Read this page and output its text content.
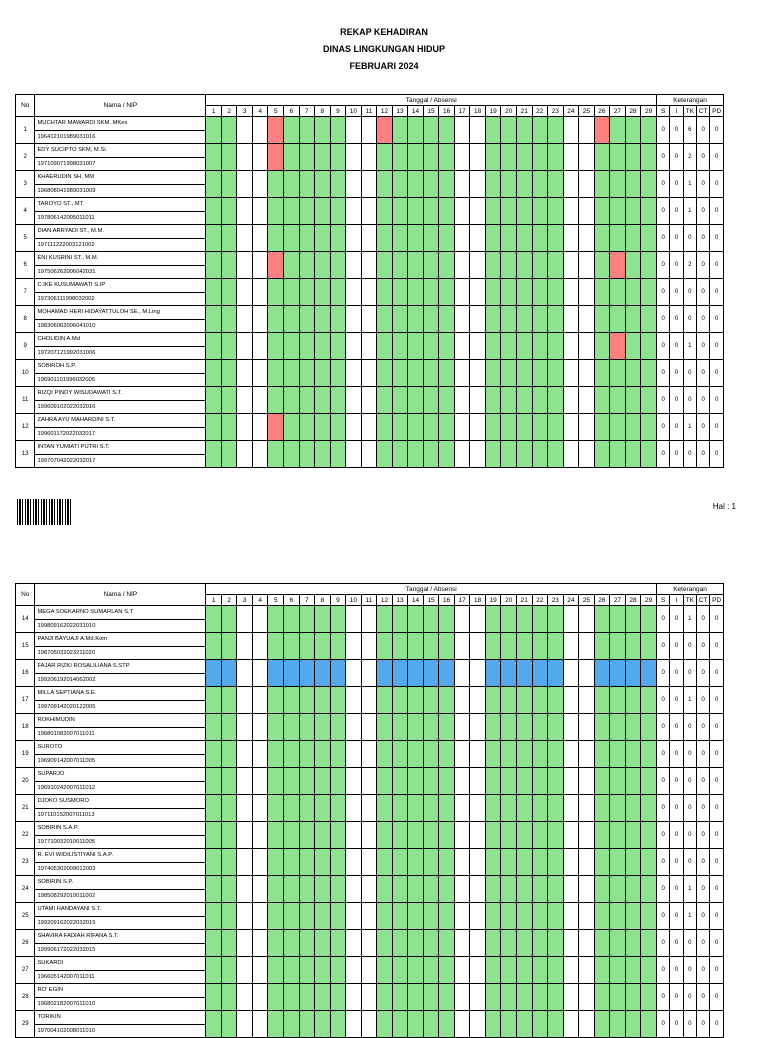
REKAP KEHADIRAN
DINAS LINGKUNGAN HIDUP
FEBRUARI 2024
No	Nama / NIP	Tanggal / Absensi																													Keterangan				
		1	2	3	4	5	6	7	8	9	10	11	12	13	14	15	16	17	18	19	20	21	22	23	24	25	26	27	28	29	S	I	TK	CT	PD
1	MUCHTAR MAWARDI SKM. MKes																														0	0	6	0	0
	196412101989031016																																		
2	EDY SUCIPTO SKM, M.Si.																														0	0	2	0	0
	197109071998031007																																		
3	KHAERUDIN SH, MM																														0	0	1	0	0
	196808041989031009																																		
4	TAROYO ST., MT																														0	0	1	0	0
	197806142005011011																																		
5	DIAN ARRYADI ST., M.M.																														0	0	0	0	0
	197111222003121002																																		
6	ENI KUSRINI ST., M.M.																														0	0	2	0	0
	197506262006042031																																		
7	C.IKE KUSUMAWATI S.IP																														0	0	0	0	0
	197306111998032002																																		
8	MOHAMAD HERI HIDAYATTULOH SE., M.Ling																														0	0	0	0	0
	198306062006041010																																		
9	CHOLIDIN A.Md																														0	0	1	0	0
	197207121992031006																																		
10	SOBIROH S.P.																														0	0	0	0	0
	196901101996032005																																		
11	RIZQI PINDY WISUDAWATI S.T.																														0	0	0	0	0
	199609102022032016																																		
12	ZAHRA AYU MAHARDINI S.T.																														0	0	1	0	0
	199601172022032017																																		
13	INTAN YUMIATI PUTRI S.T.																														0	0	0	0	0
	199707042022032017																																		
Hal : 1
No	Nama / NIP	Tanggal / Absensi																													Keterangan				
		1	2	3	4	5	6	7	8	9	10	11	12	13	14	15	16	17	18	19	20	21	22	23	24	25	26	27	28	29	S	I	TK	CT	PD
14	MEGA SOEKARNO SUMARLAN S.T																														0	0	1	0	0
	199809162022031010																																		
15	PANJI BAYUAJI A.Md.Kom																														0	0	0	0	0
	198705032023211020																																		
16	FAJAR RIZKI ROSALILIANA S.STP																														0	0	0	0	0
	199206192014062002																																		
17	MILLA SEPTIANA S.E.																														0	0	1	0	0
	199709142020122005																																		
18	ROKHIMUDIN																														0	0	0	0	0
	196801082007011011																																		
19	SUROTO																														0	0	0	0	0
	196909142007011005																																		
20	SUPARJO																														0	0	0	0	0
	196910242007011012																																		
21	DJOKO SUSMORO																														0	0	0	0	0
	197110152007011013																																		
22	SOBIRIN S.A.P.																														0	0	0	0	0
	197710032010011005																																		
23	R. EVI WIDILISTIYANI S.A.P.																														0	0	0	0	0
	197405302009012003																																		
24	SOBIRIN S.P.																														0	0	1	0	0
	198508292010011002																																		
25	UTAMI HANDAYANI S.T.																														0	0	1	0	0
	199209162022032015																																		
26	SHAVIRA FADIAH RIFANA S.T.																														0	0	0	0	0
	199906172022032015																																		
27	SUKARDI																														0	0	0	0	0
	196605142007011011																																		
28	RO' EGIN																														0	0	0	0	0
	196802182007011010																																		
29	TORIKIN																														0	0	0	0	0
	197004102008011010																																		
